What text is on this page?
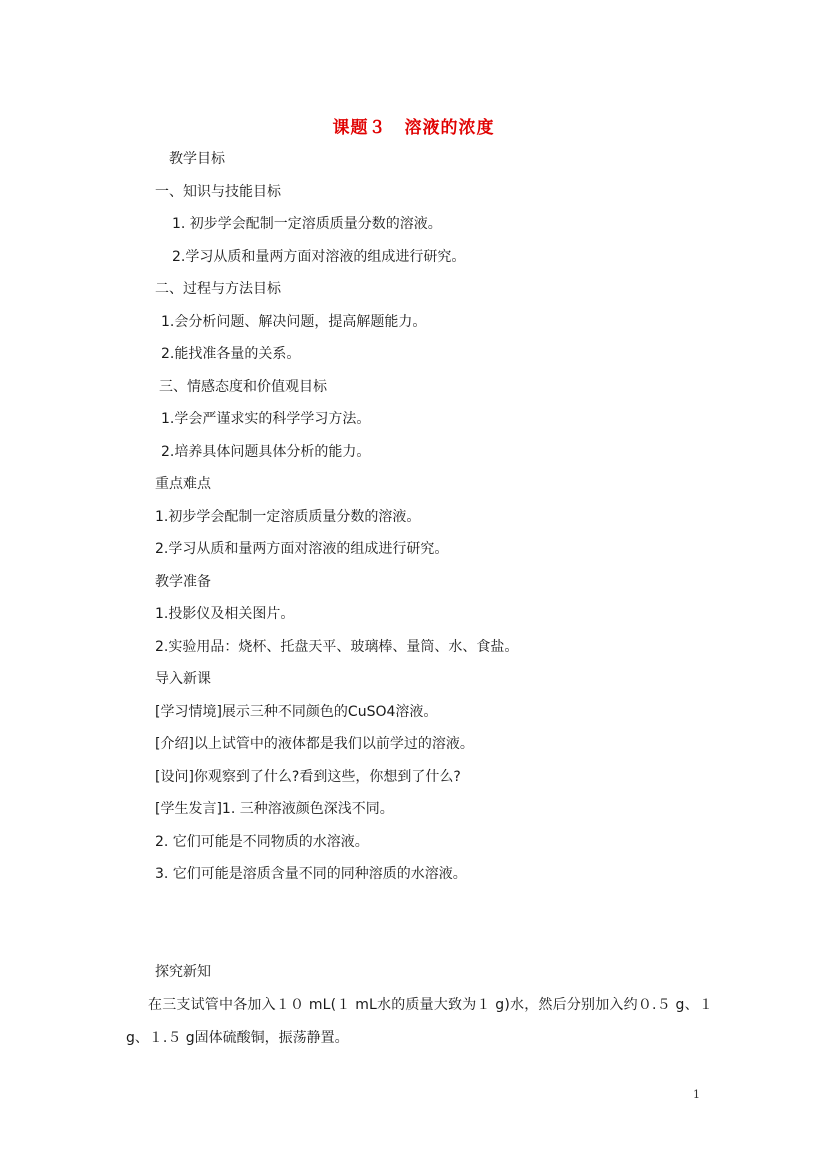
课题３　溶液的浓度
教学目标
一、知识与技能目标
1. 初步学会配制一定溶质质量分数的溶液。
2.学习从质和量两方面对溶液的组成进行研究。
二、过程与方法目标
1.会分析问题、解决问题，提高解题能力。
2.能找准各量的关系。
三、情感态度和价值观目标
1.学会严谨求实的科学学习方法。
2.培养具体问题具体分析的能力。
重点难点
1.初步学会配制一定溶质质量分数的溶液。
2.学习从质和量两方面对溶液的组成进行研究。
教学准备
1.投影仪及相关图片。
2.实验用品：烧杯、托盘天平、玻璃棒、量筒、水、食盐。
导入新课
[学习情境]展示三种不同颜色的CuSO4溶液。
[介绍]以上试管中的液体都是我们以前学过的溶液。
[设问]你观察到了什么?看到这些，你想到了什么?
[学生发言]1. 三种溶液颜色深浅不同。
2. 它们可能是不同物质的水溶液。
3. 它们可能是溶质含量不同的同种溶质的水溶液。
探究新知
在三支试管中各加入１０ mL(１ mL水的质量大致为１ g)水，然后分别加入约０.５ g、１
g、１.５ g固体硫酸铜，振荡静置。
1
